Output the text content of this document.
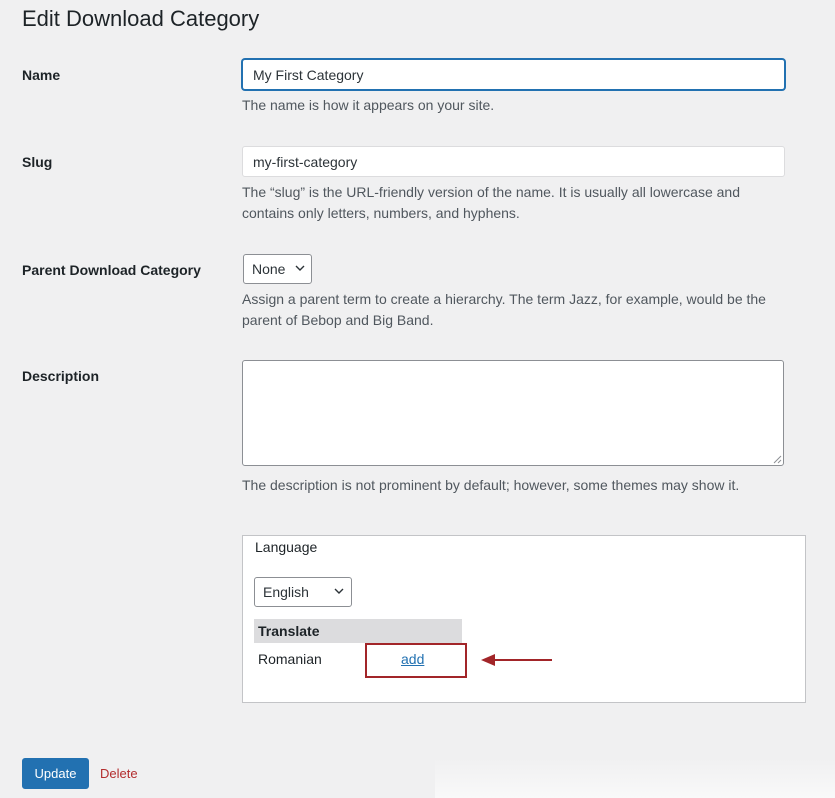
Edit Download Category
Name
My First Category

The name is how it appears on your site.

Slug
my-first-category

The “slug” is the URL-friendly version of the name. It is usually all lowercase and contains only letters, numbers, and hyphens.

Parent Download Category	None

Assign a parent term to create a hierarchy. The term Jazz, for example, would be the parent of Bebop and Big Band.

Description

The description is not prominent by default; however, some themes may show it.

Language
English
Translate
Romanian	add
Update	Delete
